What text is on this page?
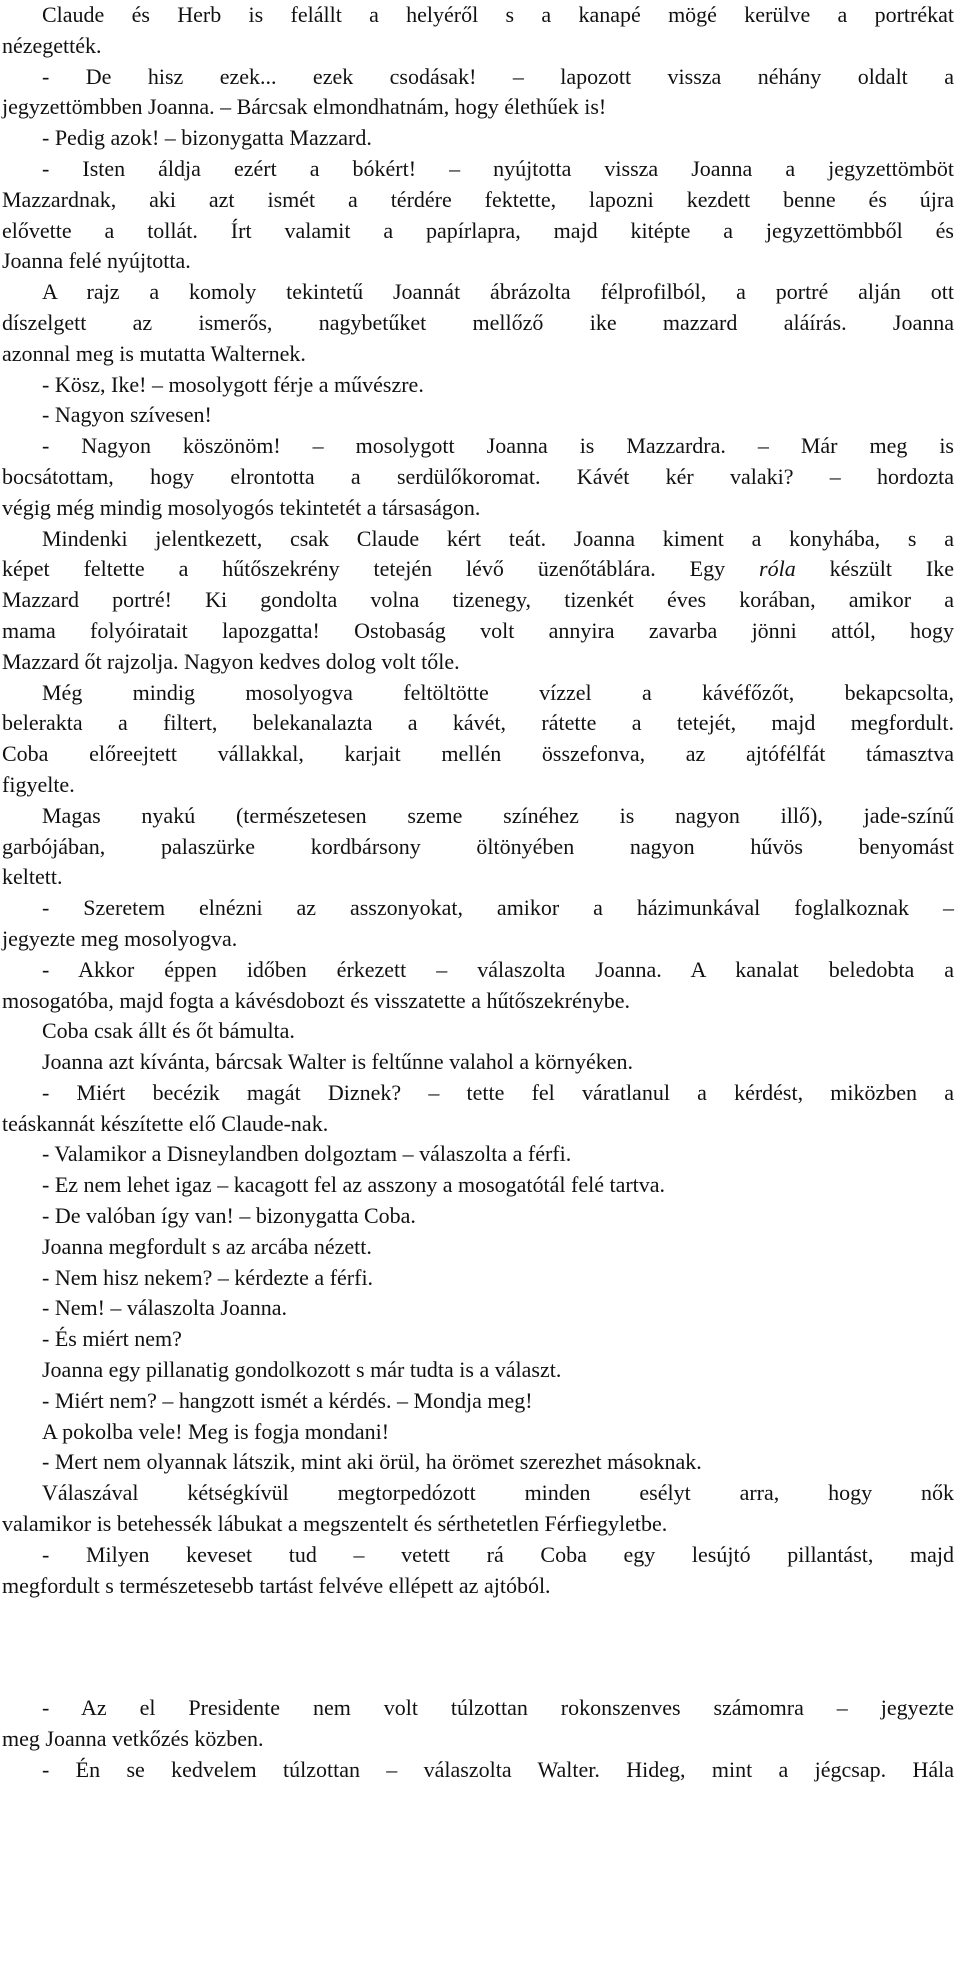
Claude és Herb is felállt a helyéről s a kanapé mögé kerülve a portrékat
nézegették.
- De hisz ezek... ezek csodásak! – lapozott vissza néhány oldalt a
jegyzettömbben Joanna. – Bárcsak elmondhatnám, hogy élethűek is!
- Pedig azok! – bizonygatta Mazzard.
- Isten áldja ezért a bókért! – nyújtotta vissza Joanna a jegyzettömböt
Mazzardnak, aki azt ismét a térdére fektette, lapozni kezdett benne és újra
elővette a tollát. Írt valamit a papírlapra, majd kitépte a jegyzettömbből és
Joanna felé nyújtotta.
A rajz a komoly tekintetű Joannát ábrázolta félprofilból, a portré alján ott
díszelgett az ismerős, nagybetűket mellőző ike mazzard aláírás. Joanna
azonnal meg is mutatta Walternek.
- Kösz, Ike! – mosolygott férje a művészre.
- Nagyon szívesen!
- Nagyon köszönöm! – mosolygott Joanna is Mazzardra. – Már meg is
bocsátottam, hogy elrontotta a serdülőkoromat. Kávét kér valaki? – hordozta
végig még mindig mosolyogós tekintetét a társaságon.
Mindenki jelentkezett, csak Claude kért teát. Joanna kiment a konyhába, s a
képet feltette a hűtőszekrény tetején lévő üzenőtáblára. Egy róla készült Ike
Mazzard portré! Ki gondolta volna tizenegy, tizenkét éves korában, amikor a
mama folyóiratait lapozgatta! Ostobaság volt annyira zavarba jönni attól, hogy
Mazzard őt rajzolja. Nagyon kedves dolog volt tőle.
Még mindig mosolyogva feltöltötte vízzel a kávéfőzőt, bekapcsolta,
belerakta a filtert, belekanalazta a kávét, rátette a tetejét, majd megfordult.
Coba előreejtett vállakkal, karjait mellén összefonva, az ajtófélfát támasztva
figyelte.
Magas nyakú (természetesen szeme színéhez is nagyon illő), jade-színű
garbójában, palaszürke kordbársony öltönyében nagyon hűvös benyomást
keltett.
- Szeretem elnézni az asszonyokat, amikor a házimunkával foglalkoznak –
jegyezte meg mosolyogva.
- Akkor éppen időben érkezett – válaszolta Joanna. A kanalat beledobta a
mosogatóba, majd fogta a kávésdobozt és visszatette a hűtőszekrénybe.
Coba csak állt és őt bámulta.
Joanna azt kívánta, bárcsak Walter is feltűnne valahol a környéken.
- Miért becézik magát Diznek? – tette fel váratlanul a kérdést, miközben a
teáskannát készítette elő Claude-nak.
- Valamikor a Disneylandben dolgoztam – válaszolta a férfi.
- Ez nem lehet igaz – kacagott fel az asszony a mosogatótál felé tartva.
- De valóban így van! – bizonygatta Coba.
Joanna megfordult s az arcába nézett.
- Nem hisz nekem? – kérdezte a férfi.
- Nem! – válaszolta Joanna.
- És miért nem?
Joanna egy pillanatig gondolkozott s már tudta is a választ.
- Miért nem? – hangzott ismét a kérdés. – Mondja meg!
A pokolba vele! Meg is fogja mondani!
- Mert nem olyannak látszik, mint aki örül, ha örömet szerezhet másoknak.
Válaszával kétségkívül megtorpedózott minden esélyt arra, hogy nők
valamikor is betehessék lábukat a megszentelt és sérthetetlen Férfiegyletbe.
- Milyen keveset tud – vetett rá Coba egy lesújtó pillantást, majd
megfordult s természetesebb tartást felvéve ellépett az ajtóból.
- Az el Presidente nem volt túlzottan rokonszenves számomra – jegyezte
meg Joanna vetkőzés közben.
- Én se kedvelem túlzottan – válaszolta Walter. Hideg, mint a jégcsap. Hála
